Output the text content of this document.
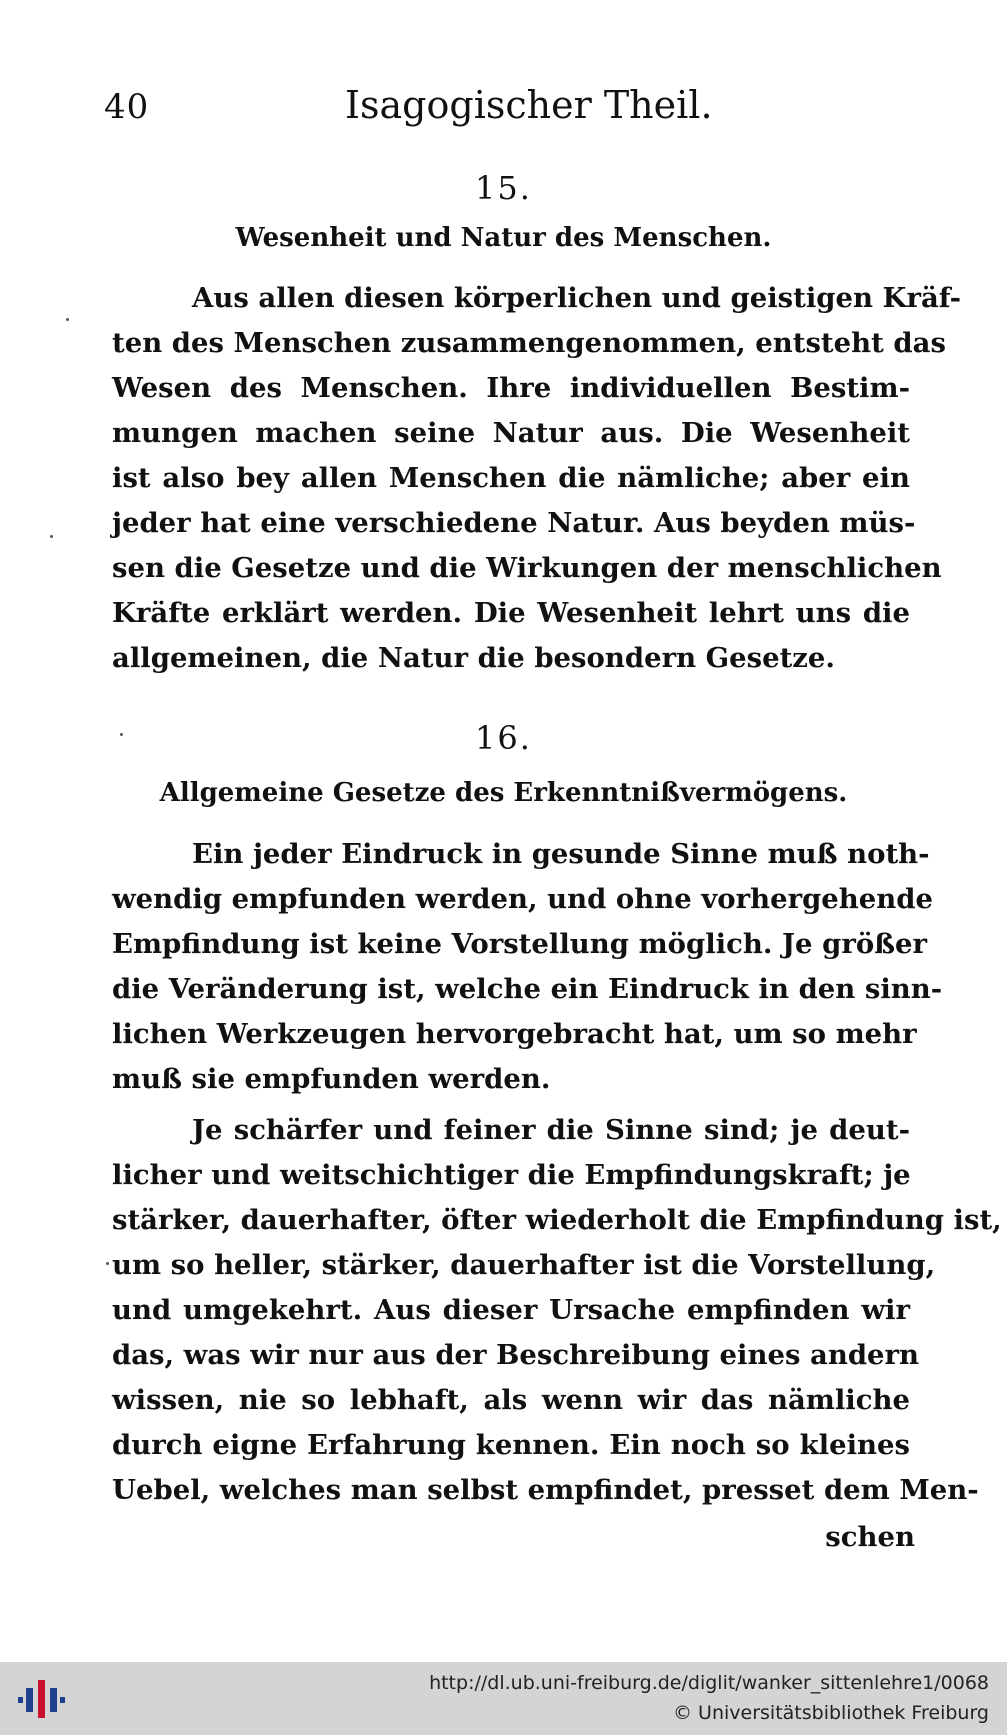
40	Isagogischer Theil.
15.
Wesenheit und Natur des Menschen.
Aus allen diesen körperlichen und geistigen Kräf-
ten des Menschen zusammengenommen, entsteht das
Wesen des Menschen. Ihre individuellen Bestim-
mungen machen seine Natur aus. Die Wesenheit
ist also bey allen Menschen die nämliche; aber ein
jeder hat eine verschiedene Natur. Aus beyden müs-
sen die Gesetze und die Wirkungen der menschlichen
Kräfte erklärt werden. Die Wesenheit lehrt uns die
allgemeinen, die Natur die besondern Gesetze.
16.
Allgemeine Gesetze des Erkenntnißvermögens.
Ein jeder Eindruck in gesunde Sinne muß noth-
wendig empfunden werden, und ohne vorhergehende
Empfindung ist keine Vorstellung möglich. Je größer
die Veränderung ist, welche ein Eindruck in den sinn-
lichen Werkzeugen hervorgebracht hat, um so mehr
muß sie empfunden werden.
Je schärfer und feiner die Sinne sind; je deut-
licher und weitschichtiger die Empfindungskraft; je
stärker, dauerhafter, öfter wiederholt die Empfindung ist,
um so heller, stärker, dauerhafter ist die Vorstellung,
und umgekehrt. Aus dieser Ursache empfinden wir
das, was wir nur aus der Beschreibung eines andern
wissen, nie so lebhaft, als wenn wir das nämliche
durch eigne Erfahrung kennen. Ein noch so kleines
Uebel, welches man selbst empfindet, presset dem Men-
schen
http://dl.ub.uni-freiburg.de/diglit/wanker_sittenlehre1/0068
© Universitätsbibliothek Freiburg
